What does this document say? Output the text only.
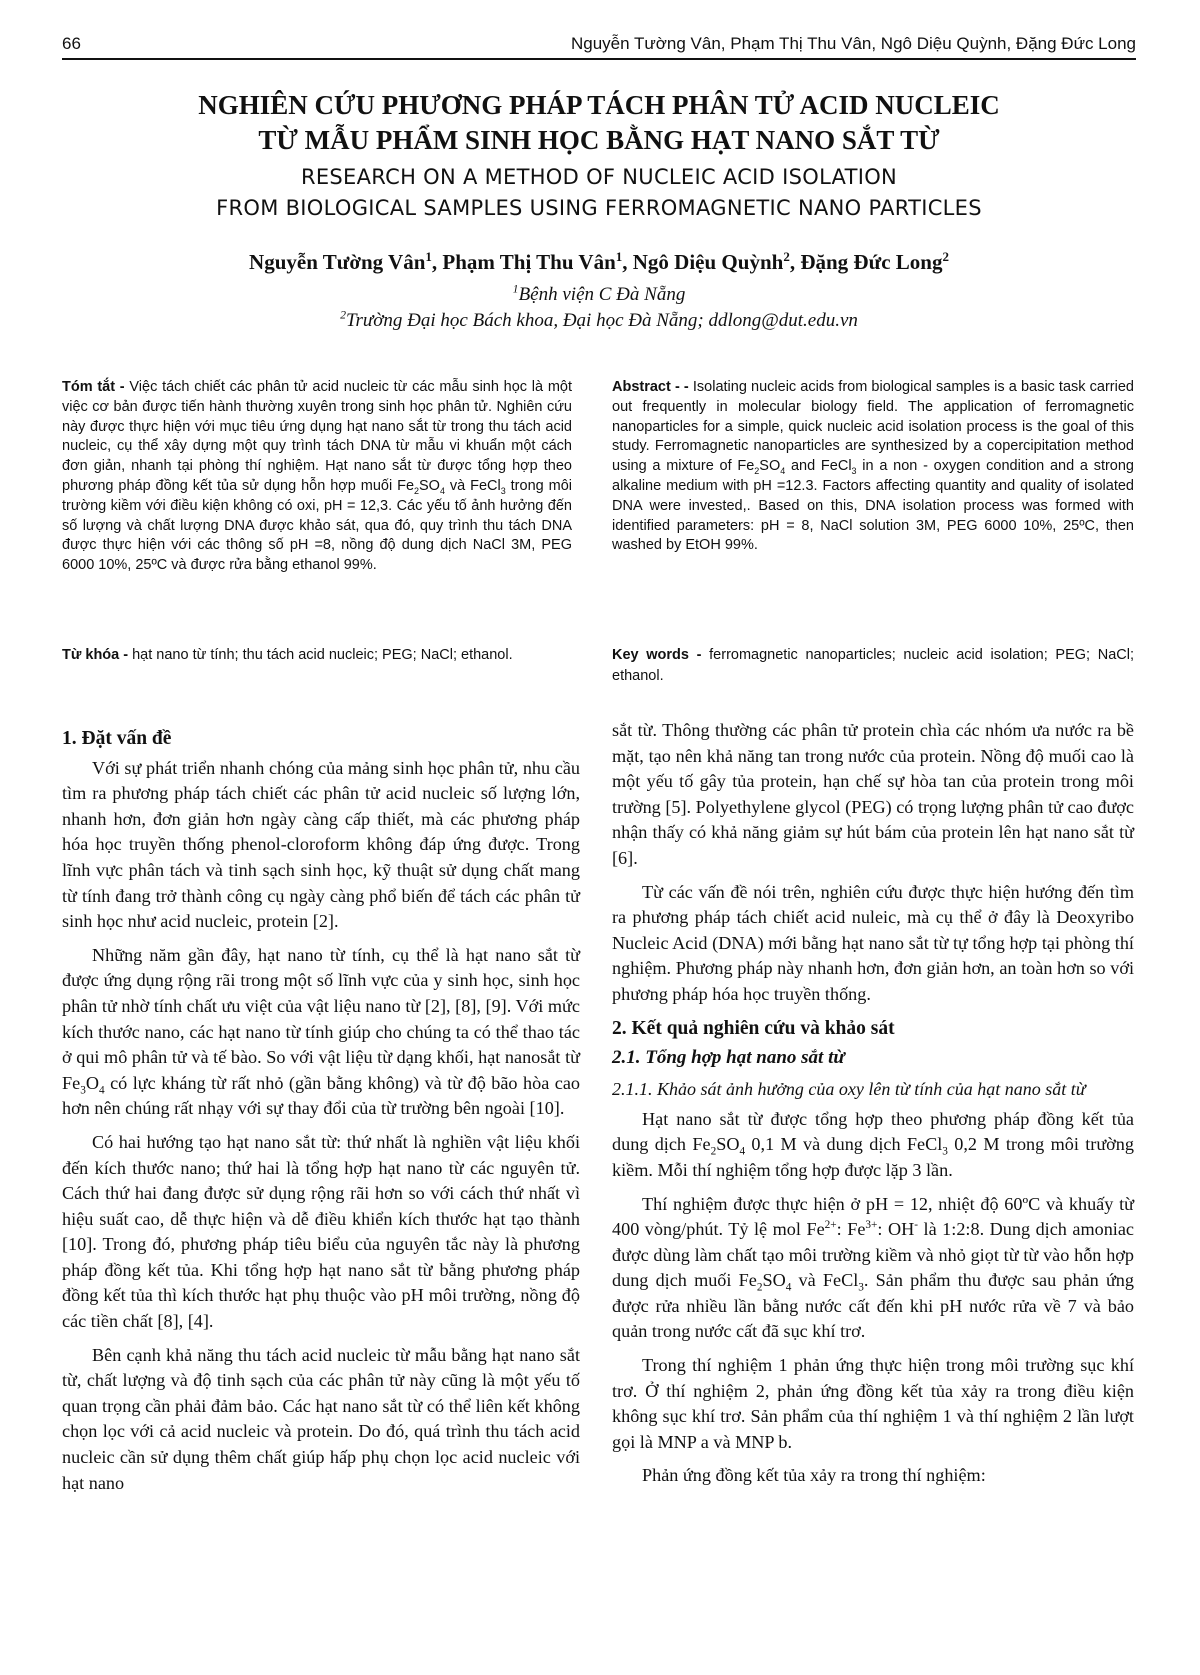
66	Nguyễn Tường Vân, Phạm Thị Thu Vân, Ngô Diệu Quỳnh, Đặng Đức Long
NGHIÊN CỨU PHƯƠNG PHÁP TÁCH PHÂN TỬ ACID NUCLEIC
TỪ MẪU PHẨM SINH HỌC BẰNG HẠT NANO SẮT TỪ
RESEARCH ON A METHOD OF NUCLEIC ACID ISOLATION
FROM BIOLOGICAL SAMPLES USING FERROMAGNETIC NANO PARTICLES
Nguyễn Tường Vân$^1$, Phạm Thị Thu Vân$^1$, Ngô Diệu Quỳnh$^2$, Đặng Đức Long$^2$
$^1$Bệnh viện C Đà Nẵng
$^2$Trường Đại học Bách khoa, Đại học Đà Nẵng; ddlong@dut.edu.vn
Tóm tắt - Việc tách chiết các phân tử acid nucleic từ các mẫu sinh học là một việc cơ bản được tiến hành thường xuyên trong sinh học phân tử. Nghiên cứu này được thực hiện với mục tiêu ứng dụng hạt nano sắt từ trong thu tách acid nucleic, cụ thể xây dựng một quy trình tách DNA từ mẫu vi khuẩn một cách đơn giản, nhanh tại phòng thí nghiệm. Hạt nano sắt từ được tổng hợp theo phương pháp đồng kết tủa sử dụng hỗn hợp muối $Fe_2SO_4$ và FeCl$_3$ trong môi trường kiềm với điều kiện không có oxi, pH = 12,3. Các yếu tố ảnh hưởng đến số lượng và chất lượng DNA được khảo sát, qua đó, quy trình thu tách DNA được thực hiện với các thông số pH =8, nồng độ dung dịch NaCl 3M, PEG 6000 10%, 25ºC và được rửa bằng ethanol 99%.
Abstract - - Isolating nucleic acids from biological samples is a basic task carried out frequently in molecular biology field. The application of ferromagnetic nanoparticles for a simple, quick nucleic acid isolation process is the goal of this study. Ferromagnetic nanoparticles are synthesized by a copercipitation method using a mixture of $Fe_2SO_4$ and FeCl$_3$ in a non - oxygen condition and a strong alkaline medium with pH =12.3. Factors affecting quantity and quality of isolated DNA were invested,. Based on this, DNA isolation process was formed with identified parameters: pH = 8, NaCl solution 3M, PEG 6000 10%, 25ºC, then washed by EtOH 99%.
Từ khóa - hạt nano từ tính; thu tách acid nucleic; PEG; NaCl; ethanol.	Key words - ferromagnetic nanoparticles; nucleic acid isolation; PEG; NaCl; ethanol.
1. Đặt vấn đề

Với sự phát triển nhanh chóng của mảng sinh học phân tử, nhu cầu tìm ra phương pháp tách chiết các phân tử acid nucleic số lượng lớn, nhanh hơn, đơn giản hơn ngày càng cấp thiết, mà các phương pháp hóa học truyền thống phenol-cloroform không đáp ứng được. Trong lĩnh vực phân tách và tinh sạch sinh học, kỹ thuật sử dụng chất mang từ tính đang trở thành công cụ ngày càng phổ biến để tách các phân tử sinh học như acid nucleic, protein [2].

Những năm gần đây, hạt nano từ tính, cụ thể là hạt nano sắt từ được ứng dụng rộng rãi trong một số lĩnh vực của y sinh học, sinh học phân tử nhờ tính chất ưu việt của vật liệu nano từ [2], [8], [9]. Với mức kích thước nano, các hạt nano từ tính giúp cho chúng ta có thể thao tác ở qui mô phân tử và tế bào. So với vật liệu từ dạng khối, hạt nanosắt từ $Fe_3O_4$ có lực kháng từ rất nhỏ (gần bằng không) và từ độ bão hòa cao hơn nên chúng rất nhạy với sự thay đổi của từ trường bên ngoài [10].

Có hai hướng tạo hạt nano sắt từ: thứ nhất là nghiền vật liệu khối đến kích thước nano; thứ hai là tổng hợp hạt nano từ các nguyên tử. Cách thứ hai đang được sử dụng rộng rãi hơn so với cách thứ nhất vì hiệu suất cao, dễ thực hiện và dễ điều khiển kích thước hạt tạo thành [10]. Trong đó, phương pháp tiêu biểu của nguyên tắc này là phương pháp đồng kết tủa. Khi tổng hợp hạt nano sắt từ bằng phương pháp đồng kết tủa thì kích thước hạt phụ thuộc vào pH môi trường, nồng độ các tiền chất [8], [4].

Bên cạnh khả năng thu tách acid nucleic từ mẫu bằng hạt nano sắt từ, chất lượng và độ tinh sạch của các phân tử này cũng là một yếu tố quan trọng cần phải đảm bảo. Các hạt nano sắt từ có thể liên kết không chọn lọc với cả acid nucleic và protein. Do đó, quá trình thu tách acid nucleic cần sử dụng thêm chất giúp hấp phụ chọn lọc acid nucleic với hạt nano

sắt từ. Thông thường các phân tử protein chìa các nhóm ưa nước ra bề mặt, tạo nên khả năng tan trong nước của protein. Nồng độ muối cao là một yếu tố gây tủa protein, hạn chế sự hòa tan của protein trong môi trường [5]. Polyethylene glycol (PEG) có trọng lượng phân tử cao được nhận thấy có khả năng giảm sự hút bám của protein lên hạt nano sắt từ [6].

Từ các vấn đề nói trên, nghiên cứu được thực hiện hướng đến tìm ra phương pháp tách chiết acid nuleic, mà cụ thể ở đây là Deoxyribo Nucleic Acid (DNA) mới bằng hạt nano sắt từ tự tổng hợp tại phòng thí nghiệm. Phương pháp này nhanh hơn, đơn giản hơn, an toàn hơn so với phương pháp hóa học truyền thống.

2. Kết quả nghiên cứu và khảo sát
2.1. Tổng hợp hạt nano sắt từ
2.1.1. Khảo sát ảnh hưởng của oxy lên từ tính của hạt nano sắt từ

Hạt nano sắt từ được tổng hợp theo phương pháp đồng kết tủa dung dịch $Fe_2SO_4$ 0,1 M và dung dịch FeCl$_3$ 0,2 M trong môi trường kiềm. Mỗi thí nghiệm tổng hợp được lặp 3 lần.

Thí nghiệm được thực hiện ở pH = 12, nhiệt độ 60ºC và khuấy từ 400 vòng/phút. Tỷ lệ mol $Fe^{2+}$: $Fe^{3+}$: OH- là 1:2:8. Dung dịch amoniac được dùng làm chất tạo môi trường kiềm và nhỏ giọt từ từ vào hỗn hợp dung dịch muối $Fe_2SO_4$ và FeCl$_3$. Sản phẩm thu được sau phản ứng được rửa nhiều lần bằng nước cất đến khi pH nước rửa về 7 và bảo quản trong nước cất đã sục khí trơ.

Trong thí nghiệm 1 phản ứng thực hiện trong môi trường sục khí trơ. Ở thí nghiệm 2, phản ứng đồng kết tủa xảy ra trong điều kiện không sục khí trơ. Sản phẩm của thí nghiệm 1 và thí nghiệm 2 lần lượt gọi là MNP a và MNP b.

Phản ứng đồng kết tủa xảy ra trong thí nghiệm:
